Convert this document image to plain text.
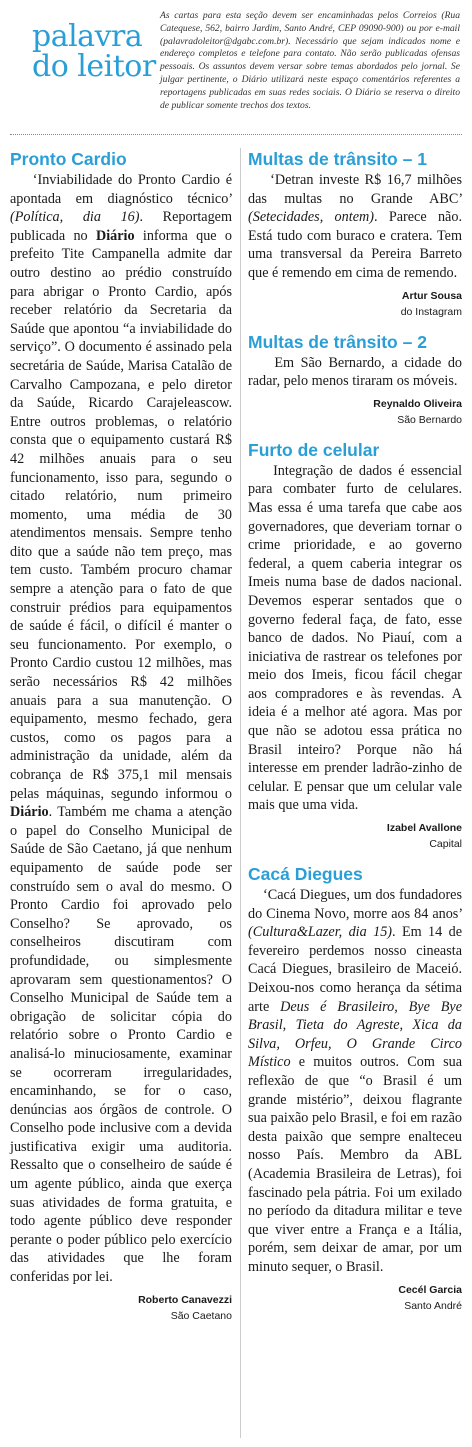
palavra
do leitor
As cartas para esta seção devem ser encaminhadas pelos Correios (Rua Catequese, 562, bairro Jardim, Santo André, CEP 09090-900) ou por e-mail (palavradoleitor@dgabc.com.br). Necessário que sejam indicados nome e endereço completos e telefone para contato. Não serão publicadas ofensas pessoais. Os assuntos devem versar sobre temas abordados pelo jornal. Se julgar pertinente, o Diário utilizará neste espaço comentários referentes a reportagens publicadas em suas redes sociais. O Diário se reserva o direito de publicar somente trechos dos textos.
Pronto Cardio

‘Inviabilidade do Pronto Cardio é apontada em diagnóstico técnico’ (Política, dia 16). Reportagem publicada no Diário informa que o prefeito Tite Campanella admite dar outro destino ao prédio construído para abrigar o Pronto Cardio, após receber relatório da Secretaria da Saúde que apontou “a inviabilidade do serviço”. O documento é assinado pela secretária de Saúde, Marisa Catalão de Carvalho Campozana, e pelo diretor da Saúde, Ricardo Carajeleascow. Entre outros problemas, o relatório consta que o equipamento custará R$ 42 milhões anuais para o seu funcionamento, isso para, segundo o citado relatório, num primeiro momento, uma média de 30 atendimentos mensais. Sempre tenho dito que a saúde não tem preço, mas tem custo. Também procuro chamar sempre a atenção para o fato de que construir prédios para equipamentos de saúde é fácil, o difícil é manter o seu funcionamento. Por exemplo, o Pronto Cardio custou 12 milhões, mas serão necessários R$ 42 milhões anuais para a sua manutenção. O equipamento, mesmo fechado, gera custos, como os pagos para a administração da unidade, além da cobrança de R$ 375,1 mil mensais pelas máquinas, segundo informou o Diário. Também me chama a atenção o papel do Conselho Municipal de Saúde de São Caetano, já que nenhum equipamento de saúde pode ser construído sem o aval do mesmo. O Pronto Cardio foi aprovado pelo Conselho? Se aprovado, os conselheiros discutiram com profundidade, ou simplesmente aprovaram sem questionamentos? O Conselho Municipal de Saúde tem a obrigação de solicitar cópia do relatório sobre o Pronto Cardio e analisá-lo minuciosamente, examinar se ocorreram irregularidades, encaminhando, se for o caso, denúncias aos órgãos de controle. O Conselho pode inclusive com a devida justificativa exigir uma auditoria. Ressalto que o conselheiro de saúde é um agente público, ainda que exerça suas atividades de forma gratuita, e todo agente público deve responder perante o poder público pelo exercício das atividades que lhe foram conferidas por lei.

Roberto Canavezzi
São Caetano
Multas de trânsito – 1

‘Detran investe R$ 16,7 milhões das multas no Grande ABC’ (Setecidades, ontem). Parece não. Está tudo com buraco e cratera. Tem uma transversal da Pereira Barreto que é remendo em cima de remendo.

Artur Sousa
do Instagram
Multas de trânsito – 2

Em São Bernardo, a cidade do radar, pelo menos tiraram os móveis.

Reynaldo Oliveira
São Bernardo
Furto de celular

Integração de dados é essencial para combater furto de celulares. Mas essa é uma tarefa que cabe aos governadores, que deveriam tornar o crime prioridade, e ao governo federal, a quem caberia integrar os Imeis numa base de dados nacional. Devemos esperar sentados que o governo federal faça, de fato, esse banco de dados. No Piauí, com a iniciativa de rastrear os telefones por meio dos Imeis, ficou fácil chegar aos compradores e às revendas. A ideia é a melhor até agora. Mas por que não se adotou essa prática no Brasil inteiro? Porque não há interesse em prender ladrão-zinho de celular. E pensar que um celular vale mais que uma vida.

Izabel Avallone
Capital
Cacá Diegues

‘Cacá Diegues, um dos fundadores do Cinema Novo, morre aos 84 anos’ (Cultura&Lazer, dia 15). Em 14 de fevereiro perdemos nosso cineasta Cacá Diegues, brasileiro de Maceió. Deixou-nos como herança da sétima arte Deus é Brasileiro, Bye Bye Brasil, Tieta do Agreste, Xica da Silva, Orfeu, O Grande Circo Místico e muitos outros. Com sua reflexão de que “o Brasil é um grande mistério”, deixou flagrante sua paixão pelo Brasil, e foi em razão desta paixão que sempre enalteceu nosso País. Membro da ABL (Academia Brasileira de Letras), foi fascinado pela pátria. Foi um exilado no período da ditadura militar e teve que viver entre a França e a Itália, porém, sem deixar de amar, por um minuto sequer, o Brasil.

Cecél Garcia
Santo André
